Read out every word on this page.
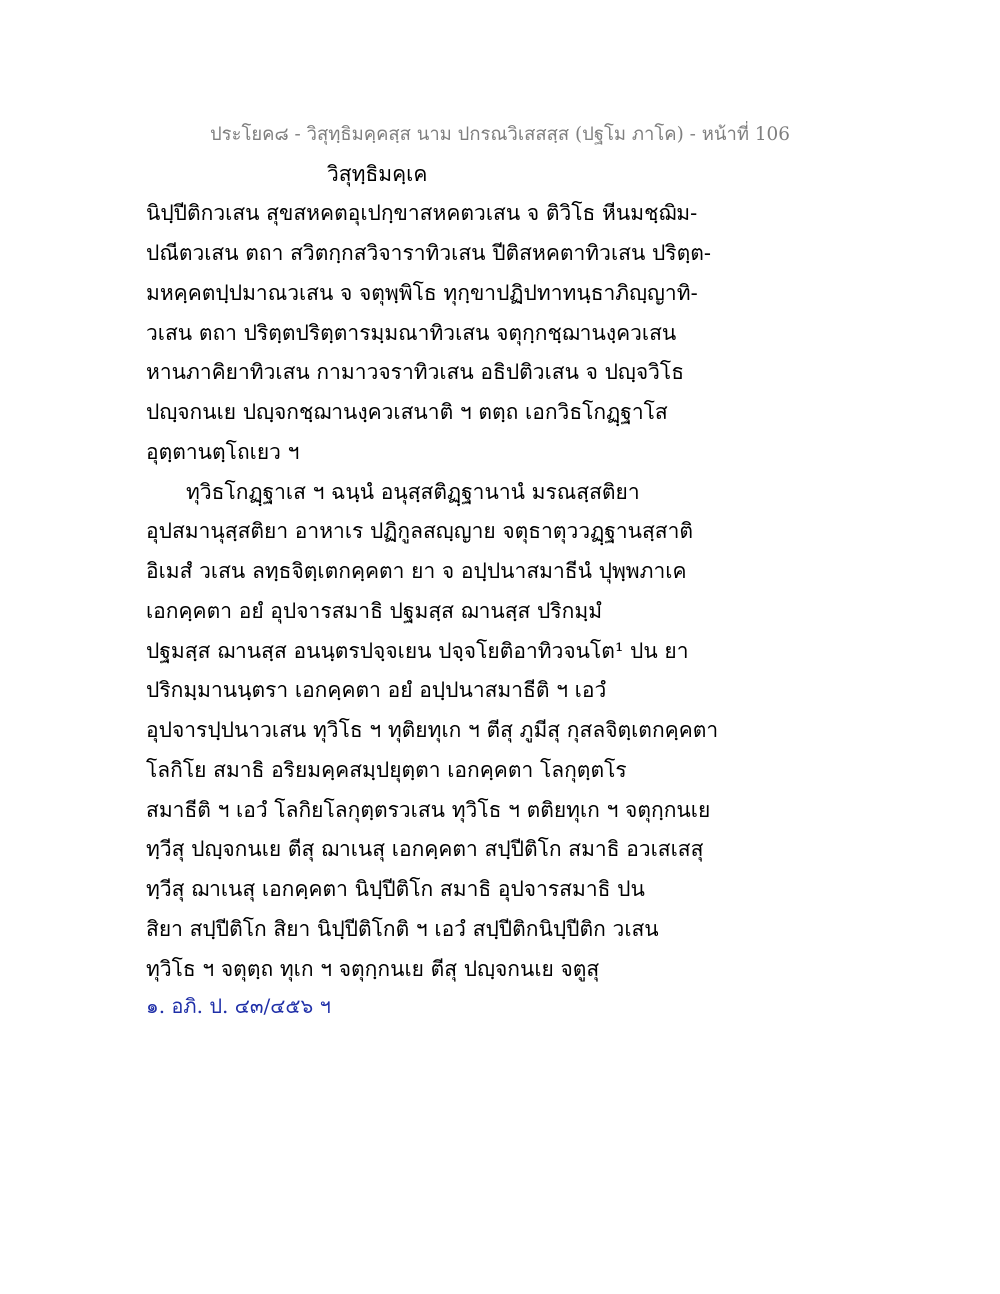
ประโยค๘ - วิสุทฺธิมคฺคสฺส นาม ปกรณวิเสสสฺส (ปฐโม ภาโค) - หน้าที่ 106
วิสุทฺธิมคฺเค
นิปฺปีติกวเสน สุขสหคตอุเปกฺขาสหคตวเสน จ ติวิโธ หีนมชฺฌิม-
ปณีตวเสน ตถา สวิตกฺกสวิจาราทิวเสน ปีติสหคตาทิวเสน ปริตฺต-
มหคฺคตปฺปมาณวเสน จ จตุพฺพิโธ ทุกฺขาปฏิปทาทนฺธาภิญฺญาทิ-
วเสน ตถา ปริตฺตปริตฺตารมฺมณาทิวเสน จตุกฺกชฺฌานงฺควเสน
หานภาคิยาทิวเสน กามาวจราทิวเสน อธิปติวเสน จ ปญฺจวิโธ
ปญฺจกนเย ปญฺจกชฺฌานงฺควเสนาติ ฯ ตตฺถ เอกวิธโกฏฺฐาโส
อุตฺตานตฺโถเยว ฯ
ทุวิธโกฏฺฐาเส ฯ ฉนฺนํ อนุสฺสติฏฺฐานานํ มรณสฺสติยา
อุปสมานุสฺสติยา อาหาเร ปฏิกูลสญฺญาย จตุธาตุววฏฺฐานสฺสาติ
อิเมสํ วเสน ลทฺธจิตฺเตกคฺคตา ยา จ อปฺปนาสมาธีนํ ปุพฺพภาเค
เอกคฺคตา อยํ อุปจารสมาธิ ปฐมสฺส ฌานสฺส ปริกมฺมํ
ปฐมสฺส ฌานสฺส อนนฺตรปจฺจเยน ปจฺจโยติอาทิวจนโต¹ ปน ยา
ปริกมฺมานนฺตรา เอกคฺคตา อยํ อปฺปนาสมาธีติ ฯ เอวํ
อุปจารปฺปนาวเสน ทุวิโธ ฯ ทุติยทุเก ฯ ตีสุ ภูมีสุ กุสลจิตฺเตกคฺคตา
โลกิโย สมาธิ อริยมคฺคสมฺปยุตฺตา เอกคฺคตา โลกุตฺตโร
สมาธีติ ฯ เอวํ โลกิยโลกุตฺตรวเสน ทุวิโธ ฯ ตติยทุเก ฯ จตุกฺกนเย
ทฺวีสุ ปญฺจกนเย ตีสุ ฌาเนสุ เอกคฺคตา สปฺปีติโก สมาธิ อวเสเสสุ
ทฺวีสุ ฌาเนสุ เอกคฺคตา นิปฺปีติโก สมาธิ อุปจารสมาธิ ปน
สิยา สปฺปีติโก สิยา นิปฺปีติโกติ ฯ เอวํ สปฺปีติกนิปฺปีติก วเสน
ทุวิโธ ฯ จตุตฺถ ทุเก ฯ จตุกฺกนเย ตีสุ ปญฺจกนเย จตูสุ
๑. อภิ. ป. ๔๓/๔๕๖ ฯ
